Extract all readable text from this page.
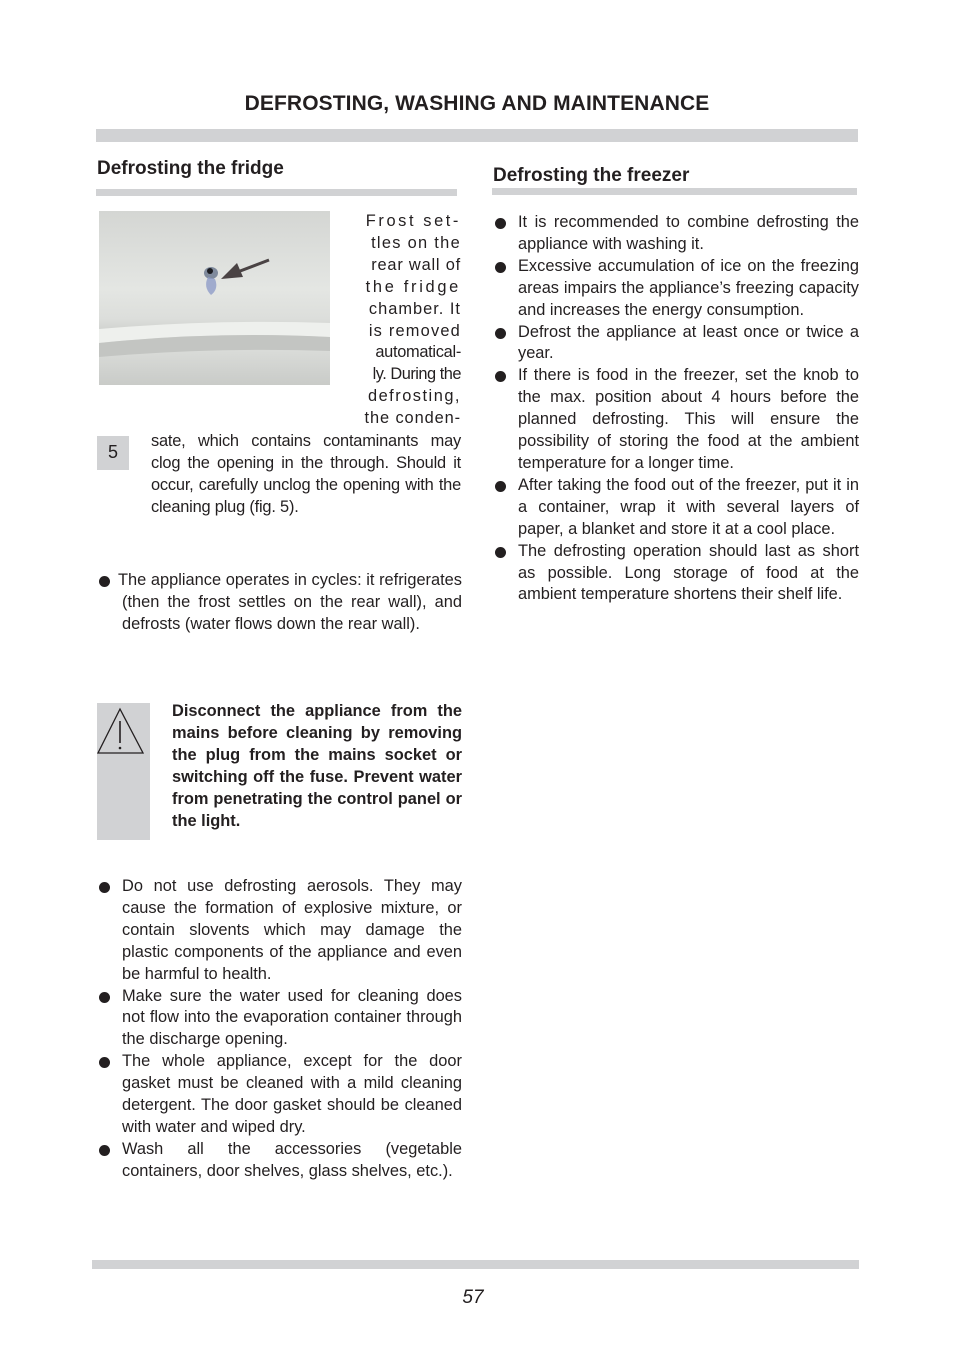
DEFROSTING, WASHING AND MAINTENANCE
Defrosting the fridge
Frost set-
tles on the
rear wall of
the fridge
chamber. It
is removed
automatical-
ly. During the
defrosting,
the conden-
5
sate, which contains contaminants may clog the opening in the through. Should it occur, carefully unclog the opening with the cleaning plug (fig. 5).
The appliance operates in cycles: it refrigerates (then the frost settles on the rear wall), and defrosts (water flows down the rear wall).
Disconnect the appliance from the mains before cleaning by removing the plug from the mains socket or switching off the fuse. Prevent water from penetrating the control panel or the light.
Do not use defrosting aerosols. They may cause the formation of explosive mixture, or contain slovents which may damage the plastic components of the appliance and even be harmful to health.
Make sure the water used for cleaning does not flow into the evaporation container through the discharge opening.
The whole appliance, except for the door gasket must be cleaned with a mild cleaning detergent. The door gasket should be cleaned with water and wiped dry.
Wash all the accessories (vegetable containers, door shelves, glass shelves, etc.).
Defrosting the freezer
It is recommended to combine defrosting the appliance with washing it.
Excessive accumulation of ice on the freezing areas impairs the appliance’s freezing capacity and increases the energy consumption.
Defrost the appliance at least once or twice a year.
If there is food in the freezer, set the knob to the max. position about 4 hours before the planned defrosting. This will ensure the possibility of storing the food at the ambient temperature for a longer time.
After taking the food out of the freezer, put it in a container, wrap it with several layers of paper, a blanket and store it at a cool place.
The defrosting operation should last as short as possible. Long storage of food at the ambient temperature shortens their shelf life.
57
